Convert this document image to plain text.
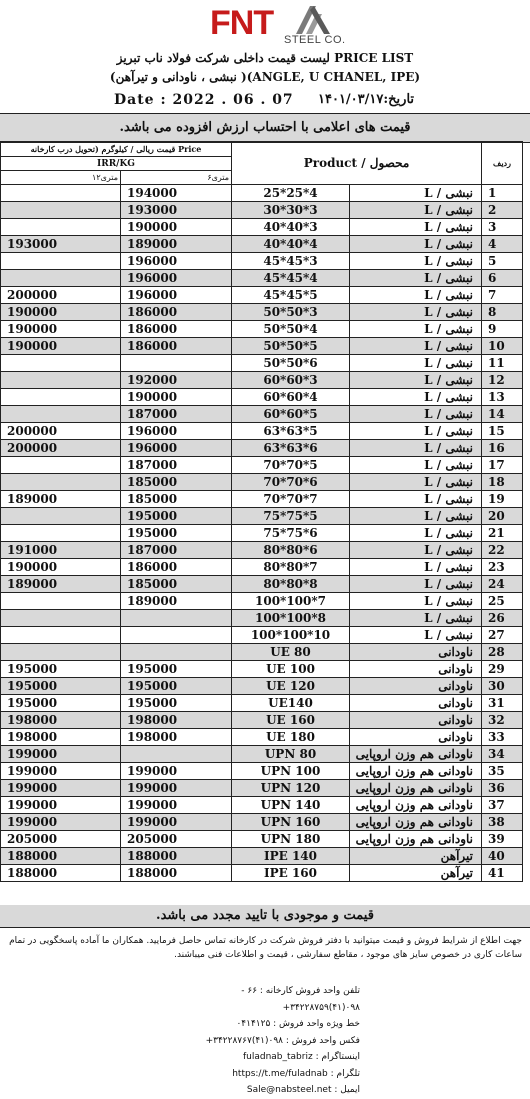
FNT STEEL CO.
لیست قیمت داخلی شرکت فولاد ناب تبریز PRICE LIST
(نبشی ، ناودانی و تیرآهن )(ANGLE, U CHANEL, IPE)
Date : 2022 . 06 . 07 تاریخ:۱۴۰۱/۰۳/۱۷
قیمت های اعلامی با احتساب ارزش افزوده می باشد.
قیمت ریالی / کیلوگرم (تحویل درب کارخانه Price		Product / محصول		ردیف
IRR/KG				
۱۲متری	۶متری			
	194000	25*25*4	نبشی / L	1
	193000	30*30*3	نبشی / L	2
	190000	40*40*3	نبشی / L	3
193000	189000	40*40*4	نبشی / L	4
	196000	45*45*3	نبشی / L	5
	196000	45*45*4	نبشی / L	6
200000	196000	45*45*5	نبشی / L	7
190000	186000	50*50*3	نبشی / L	8
190000	186000	50*50*4	نبشی / L	9
190000	186000	50*50*5	نبشی / L	10
		50*50*6	نبشی / L	11
	192000	60*60*3	نبشی / L	12
	190000	60*60*4	نبشی / L	13
	187000	60*60*5	نبشی / L	14
200000	196000	63*63*5	نبشی / L	15
200000	196000	63*63*6	نبشی / L	16
	187000	70*70*5	نبشی / L	17
	185000	70*70*6	نبشی / L	18
189000	185000	70*70*7	نبشی / L	19
	195000	75*75*5	نبشی / L	20
	195000	75*75*6	نبشی / L	21
191000	187000	80*80*6	نبشی / L	22
190000	186000	80*80*7	نبشی / L	23
189000	185000	80*80*8	نبشی / L	24
	189000	100*100*7	نبشی / L	25
		100*100*8	نبشی / L	26
		100*100*10	نبشی / L	27
		UE 80	ناودانی	28
195000	195000	UE 100	ناودانی	29
195000	195000	UE 120	ناودانی	30
195000	195000	UE140	ناودانی	31
198000	198000	UE 160	ناودانی	32
198000	198000	UE 180	ناودانی	33
199000		UPN 80	ناودانی هم وزن اروپایی	34
199000	199000	UPN 100	ناودانی هم وزن اروپایی	35
199000	199000	UPN 120	ناودانی هم وزن اروپایی	36
199000	199000	UPN 140	ناودانی هم وزن اروپایی	37
199000	199000	UPN 160	ناودانی هم وزن اروپایی	38
205000	205000	UPN 180	ناودانی هم وزن اروپایی	39
188000	188000	IPE 140	تیرآهن	40
188000	188000	IPE 160	تیرآهن	41
قیمت و موجودی با تایید مجدد می باشد.
جهت اطلاع از شرایط فروش و قیمت میتوانید با دفتر فروش شرکت در کارخانه تماس حاصل فرمایید. همکاران ما آماده پاسخگویی در تمام ساعات کاری در خصوص سایز های موجود ، مقاطع سفارشی ، قیمت و اطلاعات فنی میباشند.
تلفن واحد فروش کارخانه : ۶۶ - ۰۹۸(۴۱)۳۴۲۲۸۷۵۹+
خط ویژه واحد فروش : ۰۴۱۴۱۲۵
فکس واحد فروش : ۰۹۸(۴۱)۳۴۲۲۸۷۶۷+
اینستاگرام : fuladnab_tabriz
تلگرام : https://t.me/fuladnab
ایمیل : Sale@nabsteel.net
